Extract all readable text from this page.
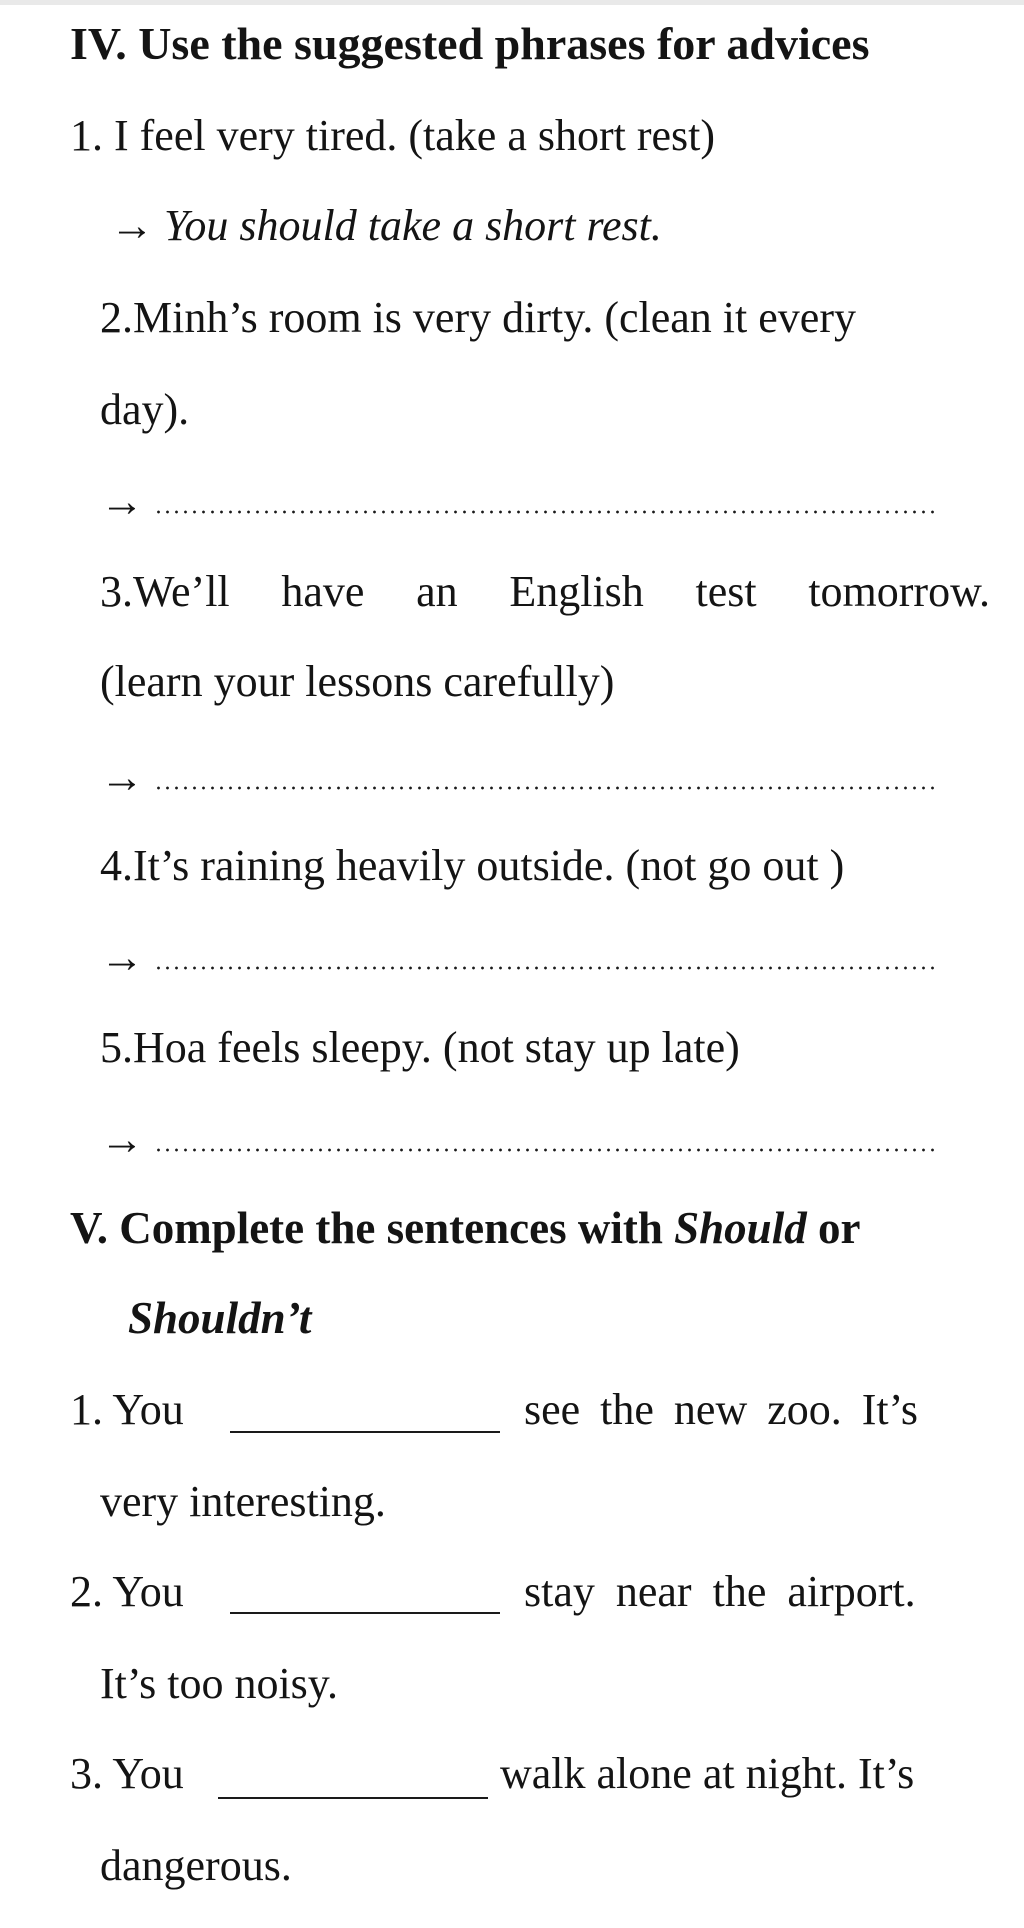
IV. Use the suggested phrases for advices
1. I feel very tired. (take a short rest)
→ You should take a short rest.
2.Minh’s room is very dirty. (clean it every
day).
→
3.We’ll have an English test tomorrow.
(learn your lessons carefully)
→
4.It’s raining heavily outside. (not go out )
→
5.Hoa feels sleepy. (not stay up late)
→
V. Complete the sentences with Should or
Shouldn’t
1. You	see the new zoo. It’s
very interesting.
2. You	stay near the airport.
It’s too noisy.
3. You	walk alone at night. It’s
dangerous.
